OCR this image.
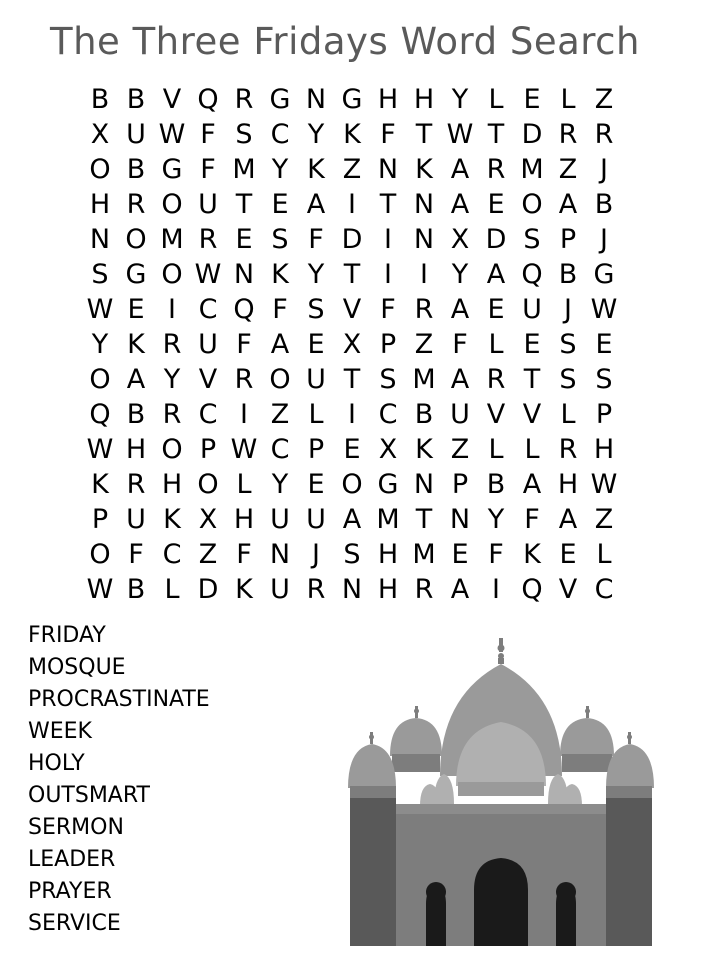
The Three Fridays Word Search
B B V Q R G N G H H Y L E L Z
X U W F S C Y K F T W T D R R
O B G F M Y K Z N K A R M Z J
H R O U T E A I T N A E O A B
N O M R E S F D I N X D S P J
S G O W N K Y T I	I Y A Q B G
W E I C Q F S V F R A E U J W
Y K R U F A E X P Z F L E S E
O A Y V R O U T S M A R T S S
Q B R C I Z L I C B U V V L P
W H O P W C P E X K Z L L R H
K R H O L Y E O G N P B A H W
P U K X H U U A M T N Y F A Z
O F C Z F N J S H M E F K E L
W B L D K U R N H R A I Q V C
FRIDAY
MOSQUE
PROCRASTINATE
WEEK
HOLY
OUTSMART
SERMON
LEADER
PRAYER
SERVICE
